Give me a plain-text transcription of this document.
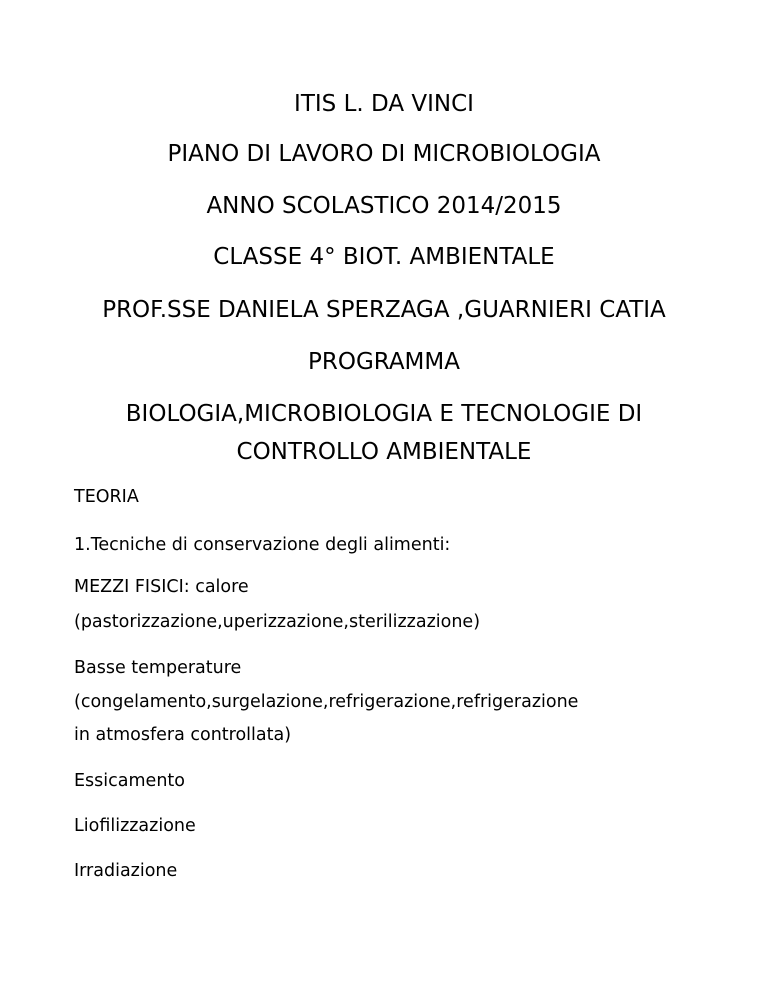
ITIS L. DA VINCI
PIANO DI LAVORO DI MICROBIOLOGIA
ANNO SCOLASTICO 2014/2015
CLASSE 4° BIOT. AMBIENTALE
PROF.SSE DANIELA SPERZAGA ,GUARNIERI CATIA
PROGRAMMA
BIOLOGIA,MICROBIOLOGIA E TECNOLOGIE DI
CONTROLLO AMBIENTALE
TEORIA
1.Tecniche di conservazione degli alimenti:
MEZZI FISICI: calore
(pastorizzazione,uperizzazione,sterilizzazione)
Basse temperature
(congelamento,surgelazione,refrigerazione,refrigerazione
in atmosfera controllata)
Essicamento
Liofilizzazione
Irradiazione
